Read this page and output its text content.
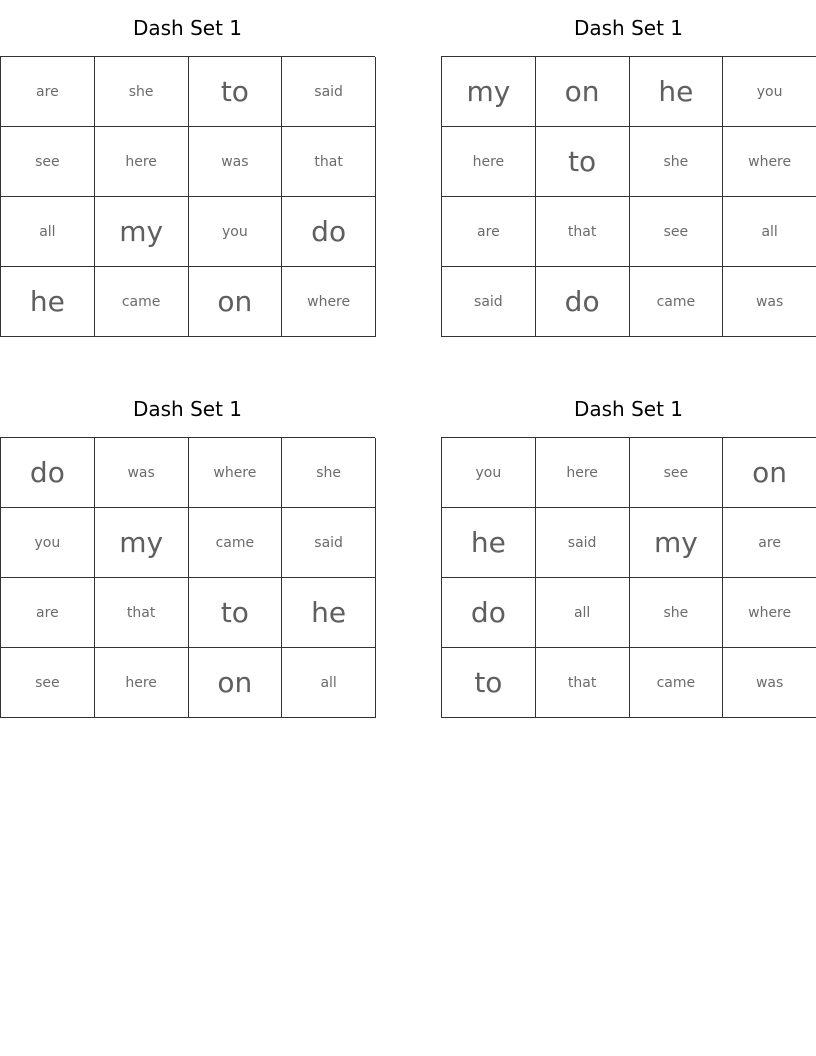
Dash Set 1
are	she	to	said
see	here	was	that
all	my	you	do
he	came	on	where
Dash Set 1
my	on	he	you
here	to	she	where
are	that	see	all
said	do	came	was
Dash Set 1
do	was	where	she
you	my	came	said
are	that	to	he
see	here	on	all
Dash Set 1
you	here	see	on
he	said	my	are
do	all	she	where
to	that	came	was
